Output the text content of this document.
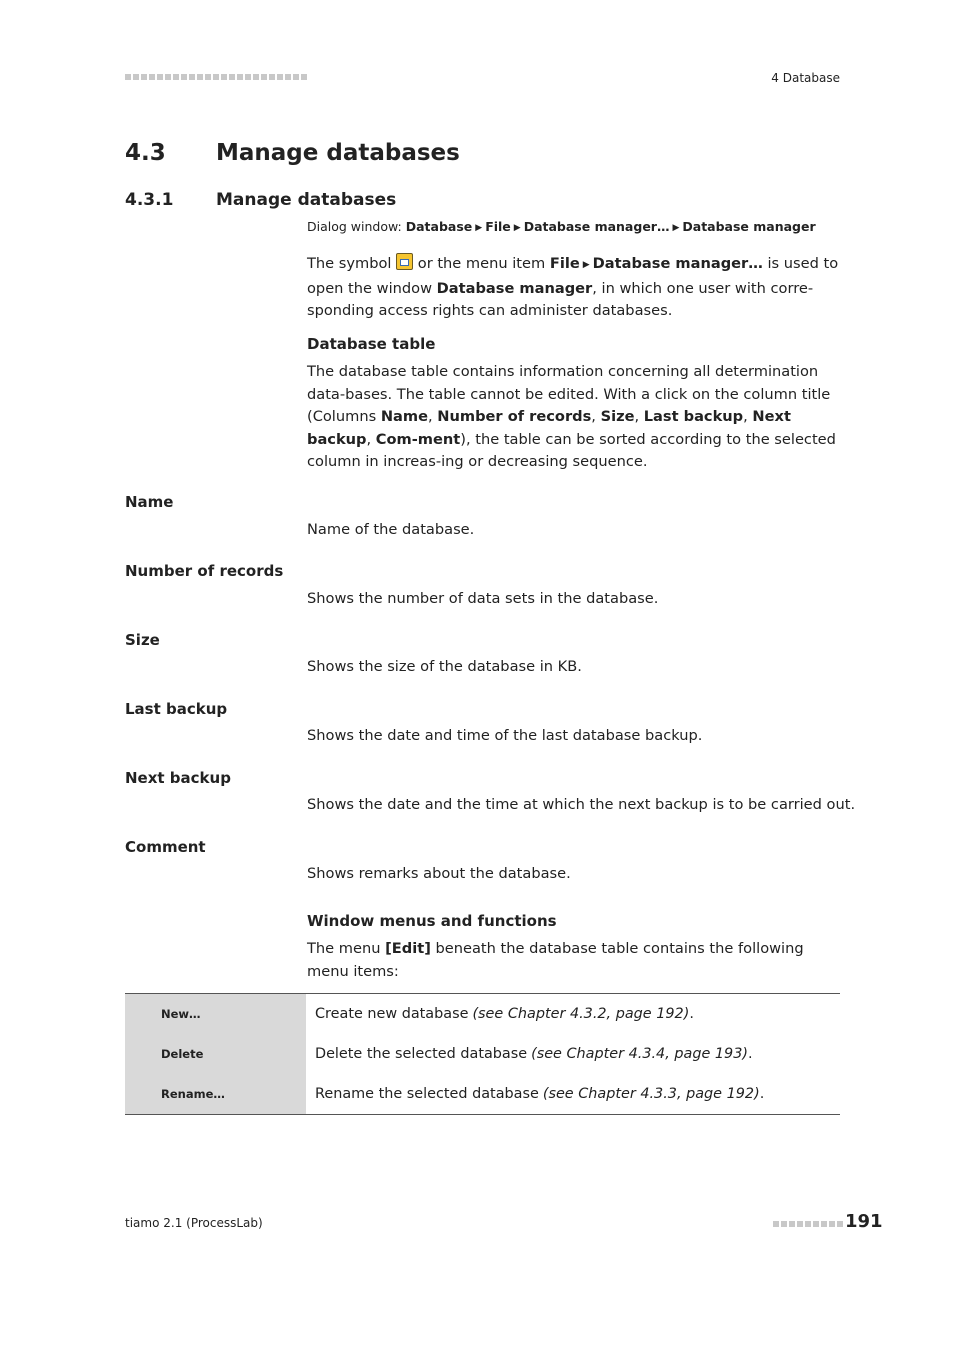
4 Database
4.3 Manage databases
4.3.1	Manage databases
Dialog window: Database ▶ File ▶ Database manager… ▶ Database manager
The symbol or the menu item File ▶ Database manager… is used to open the window Database manager, in which one user with corre-sponding access rights can administer databases.
Database table
The database table contains information concerning all determination data-bases. The table cannot be edited. With a click on the column title (Columns Name, Number of records, Size, Last backup, Next backup, Com-ment), the table can be sorted according to the selected column in increas-ing or decreasing sequence.
Name
Name of the database.
Number of records
Shows the number of data sets in the database.
Size
Shows the size of the database in KB.
Last backup
Shows the date and time of the last database backup.
Next backup
Shows the date and the time at which the next backup is to be carried out.
Comment
Shows remarks about the database.
Window menus and functions
The menu [Edit] beneath the database table contains the following menu items:
New…	Create new database (see Chapter 4.3.2, page 192) .
Delete	Delete the selected database (see Chapter 4.3.4, page 193) .
Rename…	Rename the selected database (see Chapter 4.3.3, page 192) .
tiamo 2.1 (ProcessLab)	191
